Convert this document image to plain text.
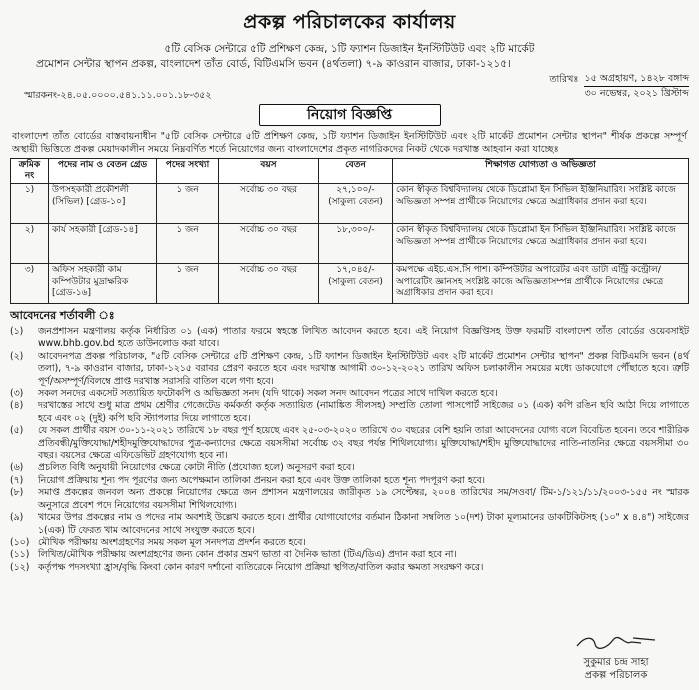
প্রকল্প পরিচালকের কার্যালয়
৫টি বেসিক সেন্টারে ৫টি প্রশিক্ষণ কেন্দ্র, ১টি ফ্যাশন ডিজাইন ইনস্টিটিউট এবং ২টি মার্কেট
প্রমোশন সেন্টার স্থাপন প্রকল্প, বাংলাদেশ তাঁত বোর্ড, বিটিএমসি ভবন (৪র্থতলা) ৭-৯ কাওরান বাজার, ঢাকা-১২১৫।
স্মারকনং-২৪.০৫.০০০০.৫৪১.১১.০০১.১৮-৩৫২
তারিখঃ ১৫ অগ্রহায়ণ, ১৪২৮ বঙ্গাব্দ
৩০ নভেম্বর, ২০২১ খ্রিস্টাব্দ
নিয়োগ বিজ্ঞপ্তি
বাংলাদেশ তাঁত বোর্ডের বাস্তবায়নাধীন "৫টি বেসিক সেন্টারে ৫টি প্রশিক্ষণ কেন্দ্র, ১টি ফ্যাশন ডিজাইন ইনস্টিটিউট এবং ২টি মার্কেট প্রমোশন সেন্টার স্থাপন" শীর্ষক প্রকল্পে সম্পূর্ণ অস্থায়ী ভিত্তিতে প্রকল্প মেয়াদকালীন সময়ে নিম্নবর্ণিত শর্তে নিয়োগের জন্য বাংলাদেশের প্রকৃত নাগরিকদের নিকট থেকে দরখাস্ত আহবান করা যাচ্ছেঃ
ক্রমিক নং	পদের নাম ও বেতন গ্রেড	পদের সংখ্যা	বয়স	বেতন	শিক্ষাগত যোগ্যতা ও অভিজ্ঞতা
১)	উপসহকারী প্রকৌশলী (সিভিল) [গ্রেড-১০]	১ জন	সর্বোচ্চ ৩০ বছর	২৭,১০০/- (সাকুল্য বেতন)	কোন স্বীকৃত বিশ্ববিদ্যালয় থেকে ডিপ্লোমা ইন সিভিল ইঞ্জিনিয়ারিং। সংশ্লিষ্ট কাজে অভিজ্ঞতা সম্পন্ন প্রার্থীকে নিয়োগের ক্ষেত্রে অগ্রাধিকার প্রদান করা হবে।
২)	কার্য সহকারী [গ্রেড-১৪]	১ জন	সর্বোচ্চ ৩০ বছর	১৮,৩০০/-	কোন স্বীকৃত বিশ্ববিদ্যালয় থেকে ডিপ্লোমা ইন সিভিল ইঞ্জিনিয়ারিং। সংশ্লিষ্ট কাজে অভিজ্ঞতা সম্পন্ন প্রার্থীকে নিয়োগের ক্ষেত্রে অগ্রাধিকার প্রদান করা হবে।
৩)	অফিস সহকারী কাম কম্পিউটার মুদ্রাক্ষরিক [গ্রেড-১৬]	১ জন	সর্বোচ্চ ৩০ বছর	১৭,০৪৫/- (সাকুল্য বেতন)	কমপক্ষে এইচ.এস.সি পাশ। কম্পিউটার অপারেটর এবং ডাটা এন্ট্রি কন্ট্রোল/অপারেটিং জ্ঞানসহ সংশ্লিষ্ট কাজে অভিজ্ঞতাসম্পন্ন প্রার্থীকে নিয়োগের ক্ষেত্রে অগ্রাধিকার প্রদান করা হবে।
আবেদনের শর্তাবলী ঃ
(১)	জনপ্রশাসন মন্ত্রণালয় কর্তৃক নির্ধারিত ০১ (এক) পাতার ফরমে স্বহস্তে লিখিত আবেদন করতে হবে। এই নিয়োগ বিজ্ঞপ্তিসহ উক্ত ফরমটি বাংলাদেশ তাঁত বোর্ডের ওয়েবসাইট www.bhb.gov.bd হতে ডাউনলোড করা যাবে।
(২)	আবেদনপত্র প্রকল্প পরিচালক, "৫টি বেসিক সেন্টারে ৫টি প্রশিক্ষণ কেন্দ্র, ১টি ফ্যাশন ডিজাইন ইনস্টিটিউট এবং ২টি মার্কেট প্রমোশন সেন্টার স্থাপন" প্রকল্প বিটিএমসি ভবন (৪র্থ তলা), ৭-৯ কাওরান বাজার, ঢাকা-১২১৫ বরাবর প্রেরণ করতে হবে এবং দরখাস্ত আগামী ৩০-১২-২০২১ তারিখ অফিস চলাকালীন সময়ের মধ্যে ডাকযোগে পৌঁছাতে হবে। ত্রুটি পূর্ণ/অসম্পূর্ণ/বিলম্বে প্রাপ্ত দরখাস্ত সরাসরি বাতিল বলে গণ্য হবে।
(৩)	সকল সনদের একসেট সত্যায়িত ফটোকপি ও অভিজ্ঞতা সনদ (যদি থাকে) সকল সনদ আবেদন পত্রের সাথে দাখিল করতে হবে।
(৪)	দরখাস্তের সাথে শুধু মাত্র প্রথম শ্রেণীর গেজেটেড কর্মকর্তা কর্তৃক সত্যায়িত (নামাঙ্কিত সীলসহ) সম্প্রতি তোলা পাসপোর্ট সাইজের ০১ (এক) কপি রঙিন ছবি আঠা দিয়ে লাগাতে হবে এবং ০২ (দুই) কপি ছবি স্ট্যাপলার দিয়ে লাগাতে হবে।
(৫)	যে সকল প্রার্থীর বয়স ৩০-১১-২০২১ তারিখে ১৮ বছর পূর্ণ হয়েছে এবং ২৫-০৩-২০২০ তারিখে ৩০ বছরের বেশি হয়নি তারা আবেদনের যোগ্য বলে বিবেচিত হবেন। তবে শারীরিক প্রতিবন্ধী/মুক্তিযোদ্ধা/শহীদমুক্তিযোদ্ধাদের পুত্র-কন্যাদের ক্ষেত্রে বয়সসীমা সর্বোচ্চ ৩২ বছর পর্যন্ত শিথিলযোগ্য। মুক্তিযোদ্ধা/শহীদ মুক্তিযোদ্ধাদের নাতি-নাতনির ক্ষেত্রে বয়সসীমা ৩০ বছর। বয়সের ক্ষেত্রে এফিডেভিট গ্রহণযোগ্য হবে না।
(৬)	প্রচলিত বিধি অনুযায়ী নিয়োগের ক্ষেত্রে কোটা নীতি (প্রযোজ্য হলে) অনুসরণ করা হবে।
(৭)	নিয়োগ প্রক্রিয়ায় শূন্য পদ পূরণের জন্য অপেক্ষমান তালিকা প্রনয়ন করা হবে এবং উক্ত তালিকা হতে শূন্য পদপূরণ করা হবে।
(৮)	সমাপ্ত প্রকল্পের জনবল অন্য প্রকল্পে নিয়োগের ক্ষেত্রে জন প্রশাসন মন্ত্রণালয়ের জারীকৃত ১৯ সেপ্টেম্বর, ২০০৪ তারিখের সম/সওবা/ টিম-১/১২১/১১/২০০৩-১৫৫ নং স্মারক অনুসারে প্রবেশ পদে নিয়োগের বয়সসীমা শিথিলযোগ্য।
(৯)	খামের উপর প্রকল্পের নাম ও পদের নাম অবশ্যই উল্লেখ করতে হবে। প্রার্থীর যোগাযোগের বর্তমান ঠিকানা সম্বলিত ১০(দশ) টাকা মূল্যমানের ডাকটিকিটসহ (১০" x ৪.৪") সাইজের ১(এক) টি ফেরত খাম আবেদনের সাথে সংযুক্ত করতে হবে।
(১০) মৌখিক পরীক্ষায় অংশগ্রহণের সময় সকল মূল সনদপত্র প্রদর্শন করতে হবে।
(১১) লিখিত/মৌখিক পরীক্ষায় অংশগ্রহণের জন্য কোন প্রকার ভ্রমণ ভাতা বা দৈনিক ভাতা (টিএ/ডিএ) প্রদান করা হবে না।
(১২) কর্তৃপক্ষ পদসংখ্যা হ্রাস/বৃদ্ধি কিংবা কোন কারণ দর্শানো ব্যতিরেকে নিয়োগ প্রক্রিয়া স্থগিত/বাতিল করার ক্ষমতা সংরক্ষণ করে।
সুকুমার চন্দ্র সাহা
প্রকল্প পরিচালক
